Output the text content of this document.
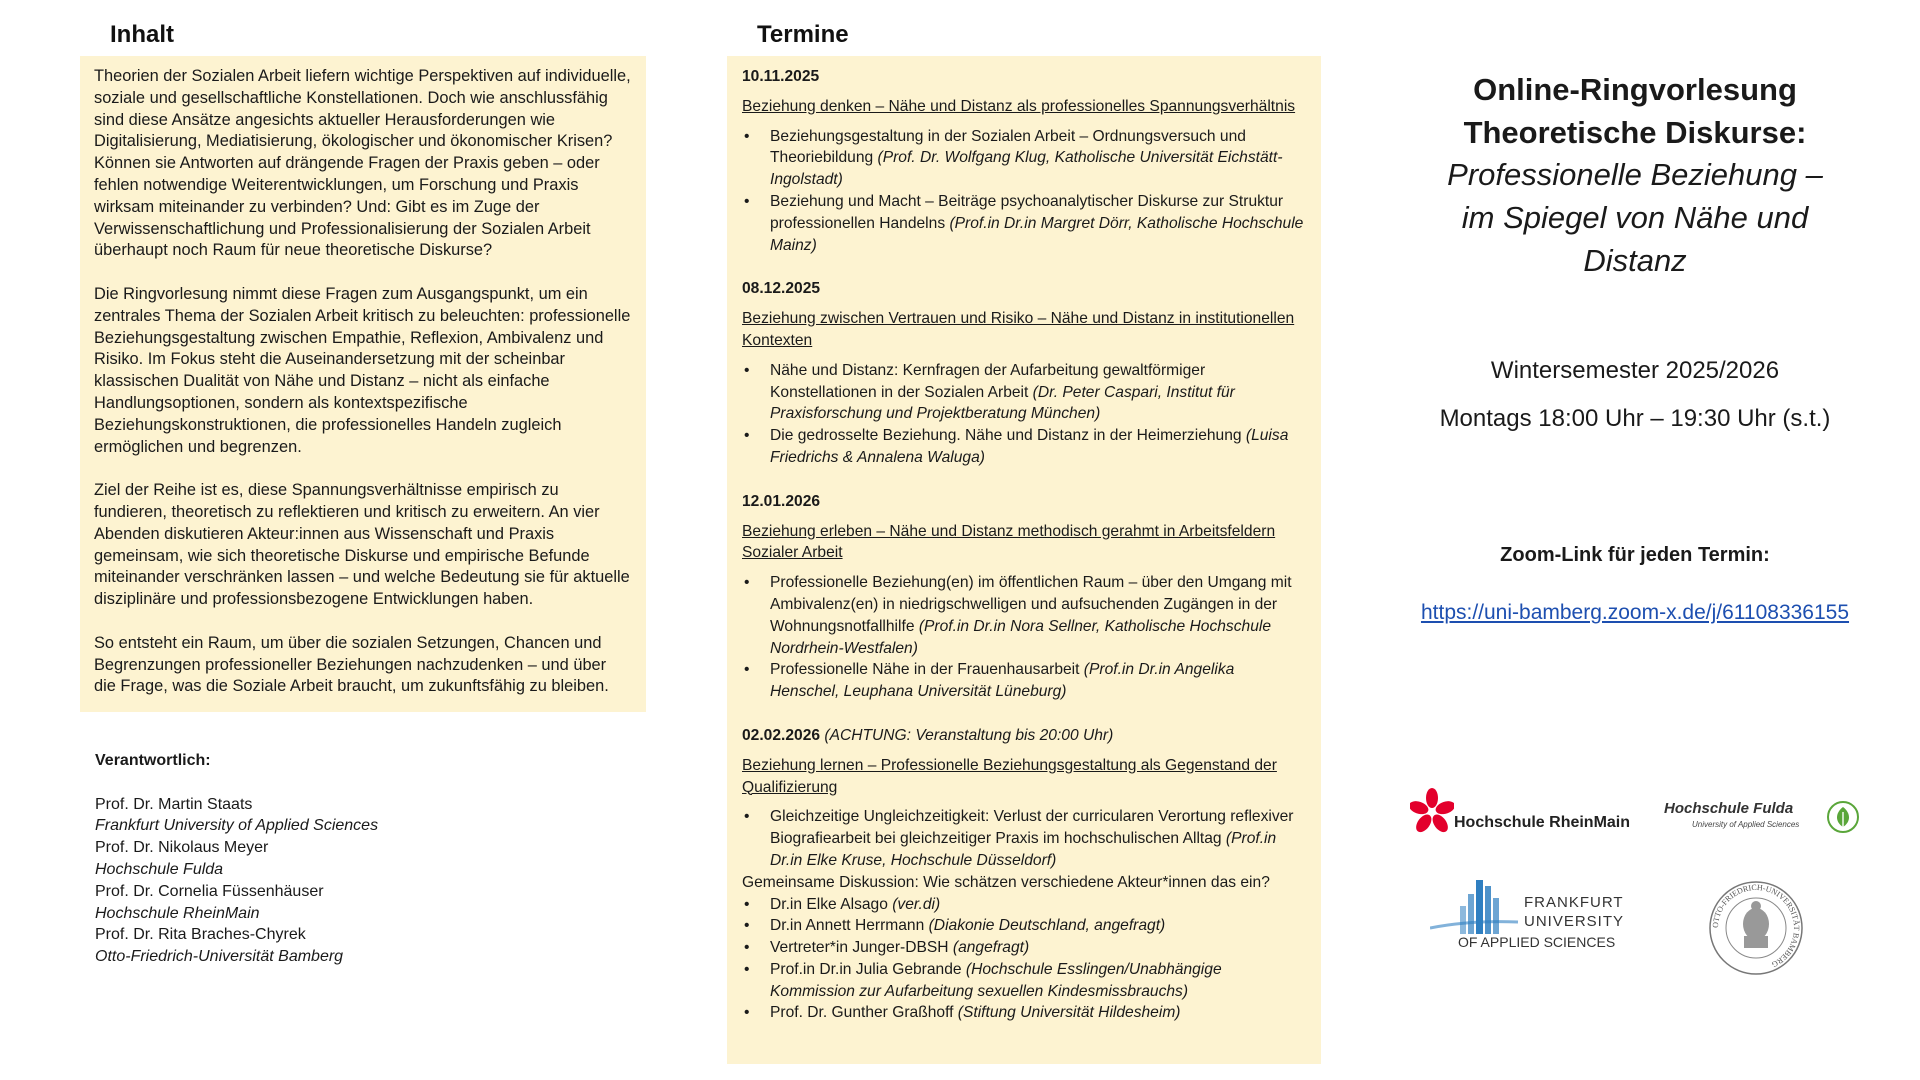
Inhalt	Termine

Theorien der Sozialen Arbeit liefern wichtige Perspektiven auf individuelle, soziale und gesellschaftliche Konstellationen. Doch wie anschlussfähig sind diese Ansätze angesichts aktueller Herausforderungen wie Digitalisierung, Mediatisierung, ökologischer und ökonomischer Krisen? Können sie Antworten auf drängende Fragen der Praxis geben – oder fehlen notwendige Weiterentwicklungen, um Forschung und Praxis wirksam miteinander zu verbinden? Und: Gibt es im Zuge der Verwissenschaftlichung und Professionalisierung der Sozialen Arbeit überhaupt noch Raum für neue theoretische Diskurse?

Die Ringvorlesung nimmt diese Fragen zum Ausgangspunkt, um ein zentrales Thema der Sozialen Arbeit kritisch zu beleuchten: professionelle Beziehungsgestaltung zwischen Empathie, Reflexion, Ambivalenz und Risiko. Im Fokus steht die Auseinandersetzung mit der scheinbar klassischen Dualität von Nähe und Distanz – nicht als einfache Handlungsoptionen, sondern als kontextspezifische Beziehungskonstruktionen, die professionelles Handeln zugleich ermöglichen und begrenzen.

Ziel der Reihe ist es, diese Spannungsverhältnisse empirisch zu fundieren, theoretisch zu reflektieren und kritisch zu erweitern. An vier Abenden diskutieren Akteur:innen aus Wissenschaft und Praxis gemeinsam, wie sich theoretische Diskurse und empirische Befunde miteinander verschränken lassen – und welche Bedeutung sie für aktuelle disziplinäre und professionsbezogene Entwicklungen haben.

So entsteht ein Raum, um über die sozialen Setzungen, Chancen und Begrenzungen professioneller Beziehungen nachzudenken – und über die Frage, was die Soziale Arbeit braucht, um zukunftsfähig zu bleiben.

Verantwortlich:
Prof. Dr. Martin Staats
Frankfurt University of Applied Sciences
Prof. Dr. Nikolaus Meyer
Hochschule Fulda
Prof. Dr. Cornelia Füssenhäuser
Hochschule RheinMain
Prof. Dr. Rita Braches-Chyrek
Otto-Friedrich-Universität Bamberg
10.11.2025
Beziehung denken – Nähe und Distanz als professionelles Spannungsverhältnis
• Beziehungsgestaltung in der Sozialen Arbeit – Ordnungsversuch und Theoriebildung (Prof. Dr. Wolfgang Klug, Katholische Universität Eichstätt-Ingolstadt)
• Beziehung und Macht – Beiträge psychoanalytischer Diskurse zur Struktur professionellen Handelns (Prof.in Dr.in Margret Dörr, Katholische Hochschule Mainz)
08.12.2025
Beziehung zwischen Vertrauen und Risiko – Nähe und Distanz in institutionellen Kontexten
• Nähe und Distanz: Kernfragen der Aufarbeitung gewaltförmiger Konstellationen in der Sozialen Arbeit (Dr. Peter Caspari, Institut für Praxisforschung und Projektberatung München)
• Die gedrosselte Beziehung. Nähe und Distanz in der Heimerziehung (Luisa Friedrichs & Annalena Waluga)
12.01.2026
Beziehung erleben – Nähe und Distanz methodisch gerahmt in Arbeitsfeldern Sozialer Arbeit
• Professionelle Beziehung(en) im öffentlichen Raum – über den Umgang mit Ambivalenz(en) in niedrigschwelligen und aufsuchenden Zugängen in der Wohnungsnotfallhilfe (Prof.in Dr.in Nora Sellner, Katholische Hochschule Nordrhein-Westfalen)
• Professionelle Nähe in der Frauenhausarbeit (Prof.in Dr.in Angelika Henschel, Leuphana Universität Lüneburg)
02.02.2026 (ACHTUNG: Veranstaltung bis 20:00 Uhr)
Beziehung lernen – Professionelle Beziehungsgestaltung als Gegenstand der Qualifizierung
• Gleichzeitige Ungleichzeitigkeit: Verlust der curricularen Verortung reflexiver Biografiearbeit bei gleichzeitiger Praxis im hochschulischen Alltag (Prof.in Dr.in Elke Kruse, Hochschule Düsseldorf)
Gemeinsame Diskussion: Wie schätzen verschiedene Akteur*innen das ein?
• Dr.in Elke Alsago (ver.di)
• Dr.in Annett Herrmann (Diakonie Deutschland, angefragt)
• Vertreter*in Junger-DBSH (angefragt)
• Prof.in Dr.in Julia Gebrande (Hochschule Esslingen/Unabhängige Kommission zur Aufarbeitung sexuellen Kindesmissbrauchs)
• Prof. Dr. Gunther Graßhoff (Stiftung Universität Hildesheim)
Online-Ringvorlesung
Theoretische Diskurse:
Professionelle Beziehung – im Spiegel von Nähe und Distanz
Wintersemester 2025/2026
Montags 18:00 Uhr – 19:30 Uhr (s.t.)
Zoom-Link für jeden Termin:
https://uni-bamberg.zoom-x.de/j/61108336155
Hochschule RheinMain
Hochschule Fulda
University of Applied Sciences
FRANKFURT
UNIVERSITY
OF APPLIED SCIENCES
OTTO-FRIEDRICH-UNIVERSITÄT BAMBERG
